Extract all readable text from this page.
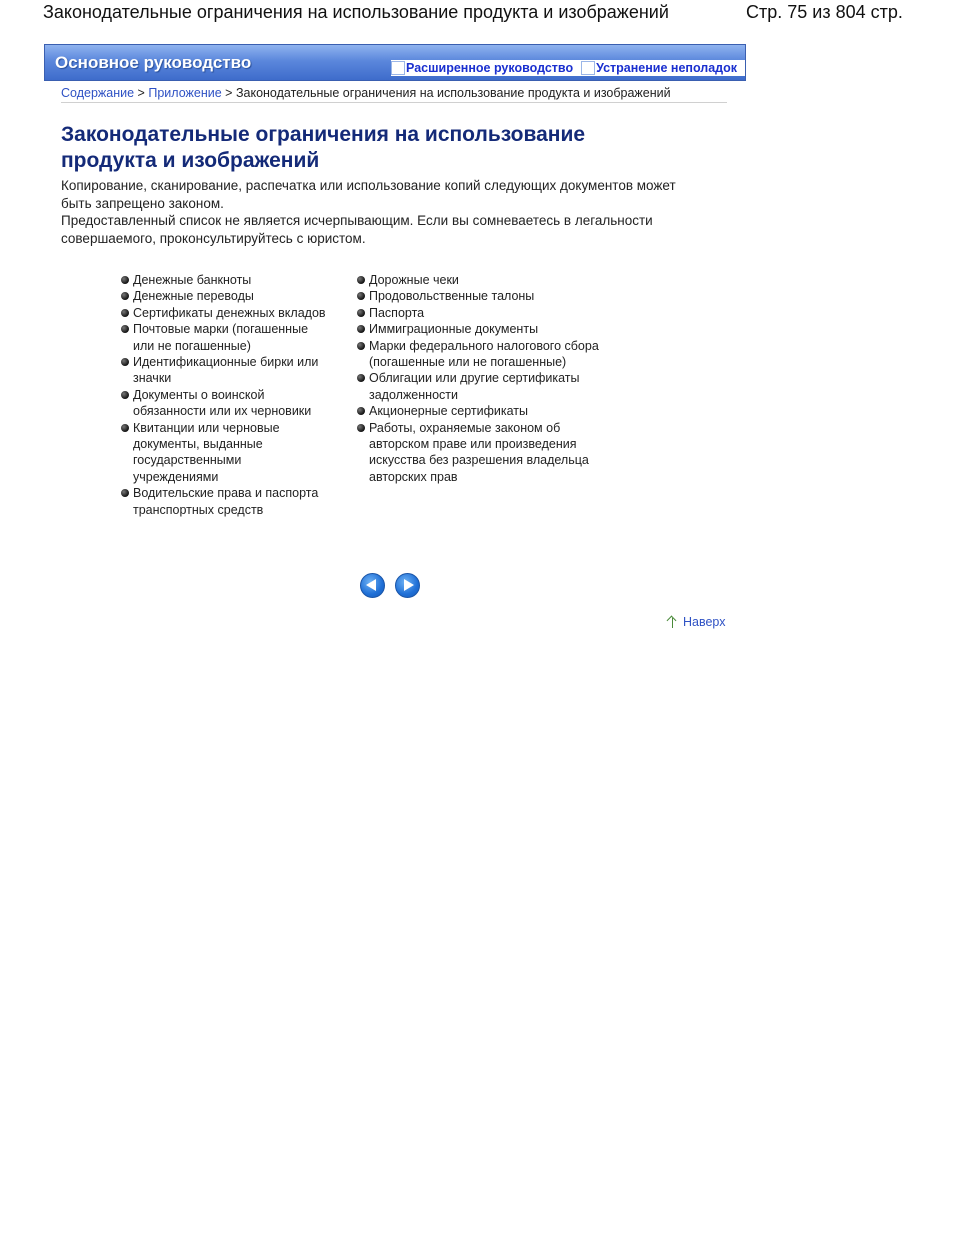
Законодательные ограничения на использование продукта и изображений	Стр. 75 из 804 стр.
Основное руководство	Расширенное руководство Устранение неполадок
Содержание > Приложение > Законодательные ограничения на использование продукта и изображений
Законодательные ограничения на использование
продукта и изображений

Копирование, сканирование, распечатка или использование копий следующих документов может
быть запрещено законом.

Предоставленный список не является исчерпывающим. Если вы сомневаетесь в легальности
совершаемого, проконсультируйтесь с юристом.

Денежные банкноты
Денежные переводы
Сертификаты денежных вкладов
Почтовые марки (погашенные
или не погашенные)
Идентификационные бирки или
значки
Документы о воинской
обязанности или их черновики
Квитанции или черновые
документы, выданные
государственными
учреждениями
Водительские права и паспорта
транспортных средств
Дорожные чеки
Продовольственные талоны
Паспорта
Иммиграционные документы
Марки федерального налогового сбора
(погашенные или не погашенные)
Облигации или другие сертификаты
задолженности
Акционерные сертификаты
Работы, охраняемые законом об
авторском праве или произведения
искусства без разрешения владельца
авторских прав
Наверх
